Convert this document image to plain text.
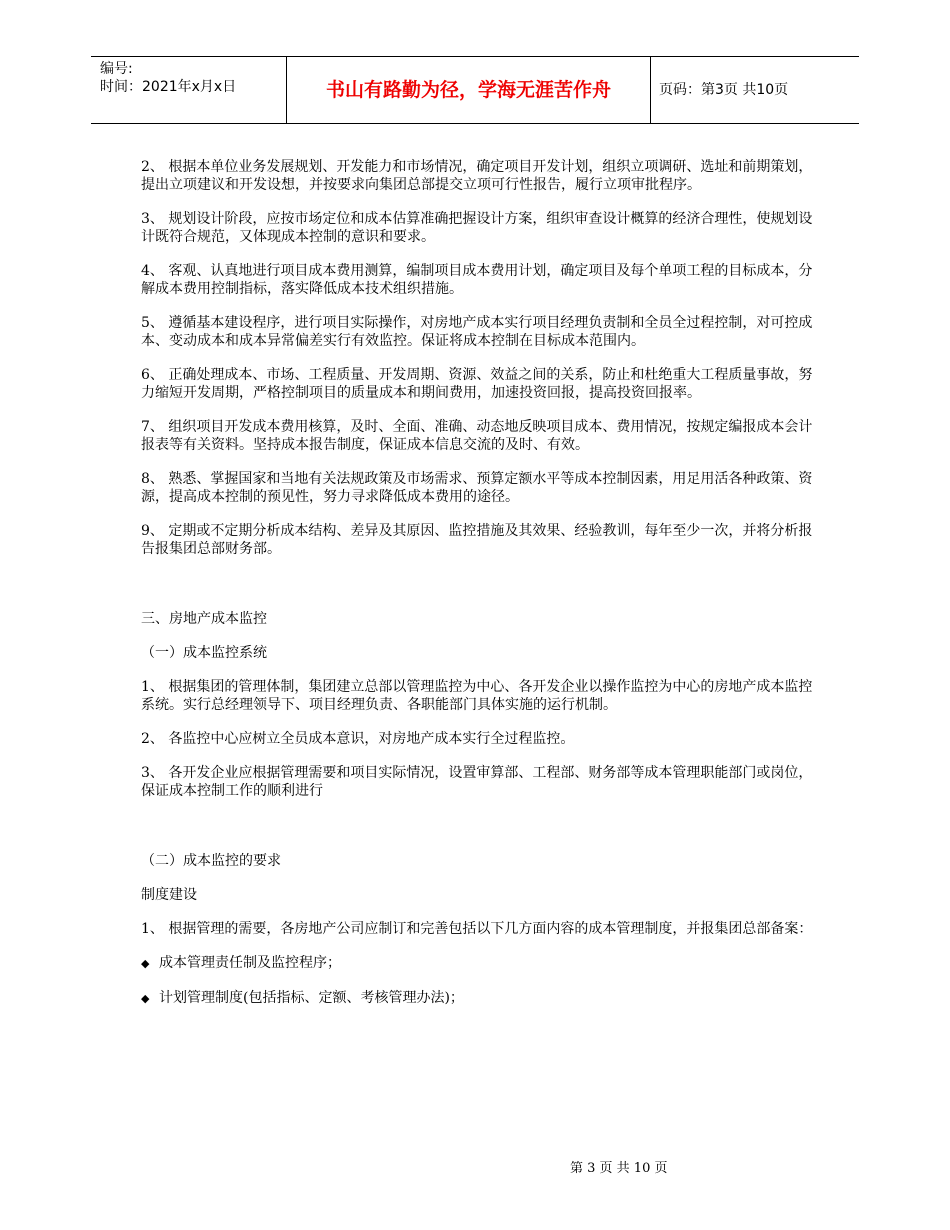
编号:
时间：2021年x月x日	书山有路勤为径，学海无涯苦作舟	页码：第3页 共10页

2、 根据本单位业务发展规划、开发能力和市场情况，确定项目开发计划，组织立项调研、选址和前期策划，提出立项建议和开发设想，并按要求向集团总部提交立项可行性报告，履行立项审批程序。

3、 规划设计阶段，应按市场定位和成本估算准确把握设计方案，组织审查设计概算的经济合理性，使规划设计既符合规范，又体现成本控制的意识和要求。

4、 客观、认真地进行项目成本费用测算，编制项目成本费用计划，确定项目及每个单项工程的目标成本，分解成本费用控制指标，落实降低成本技术组织措施。

5、 遵循基本建设程序，进行项目实际操作，对房地产成本实行项目经理负责制和全员全过程控制，对可控成本、变动成本和成本异常偏差实行有效监控。保证将成本控制在目标成本范围内。

6、 正确处理成本、市场、工程质量、开发周期、资源、效益之间的关系，防止和杜绝重大工程质量事故，努力缩短开发周期，严格控制项目的质量成本和期间费用，加速投资回报，提高投资回报率。

7、 组织项目开发成本费用核算，及时、全面、准确、动态地反映项目成本、费用情况，按规定编报成本会计报表等有关资料。坚持成本报告制度，保证成本信息交流的及时、有效。

8、 熟悉、掌握国家和当地有关法规政策及市场需求、预算定额水平等成本控制因素，用足用活各种政策、资源，提高成本控制的预见性，努力寻求降低成本费用的途径。

9、 定期或不定期分析成本结构、差异及其原因、监控措施及其效果、经验教训，每年至少一次，并将分析报告报集团总部财务部。

三、房地产成本监控
（一）成本监控系统

1、 根据集团的管理体制，集团建立总部以管理监控为中心、各开发企业以操作监控为中心的房地产成本监控系统。实行总经理领导下、项目经理负责、各职能部门具体实施的运行机制。

2、 各监控中心应树立全员成本意识，对房地产成本实行全过程监控。

3、 各开发企业应根据管理需要和项目实际情况，设置审算部、工程部、财务部等成本管理职能部门或岗位，保证成本控制工作的顺利进行

（二）成本监控的要求
制度建设

1、 根据管理的需要，各房地产公司应制订和完善包括以下几方面内容的成本管理制度，并报集团总部备案：

◆ 成本管理责任制及监控程序；
◆ 计划管理制度(包括指标、定额、考核管理办法)；
第 3 页 共 10 页
